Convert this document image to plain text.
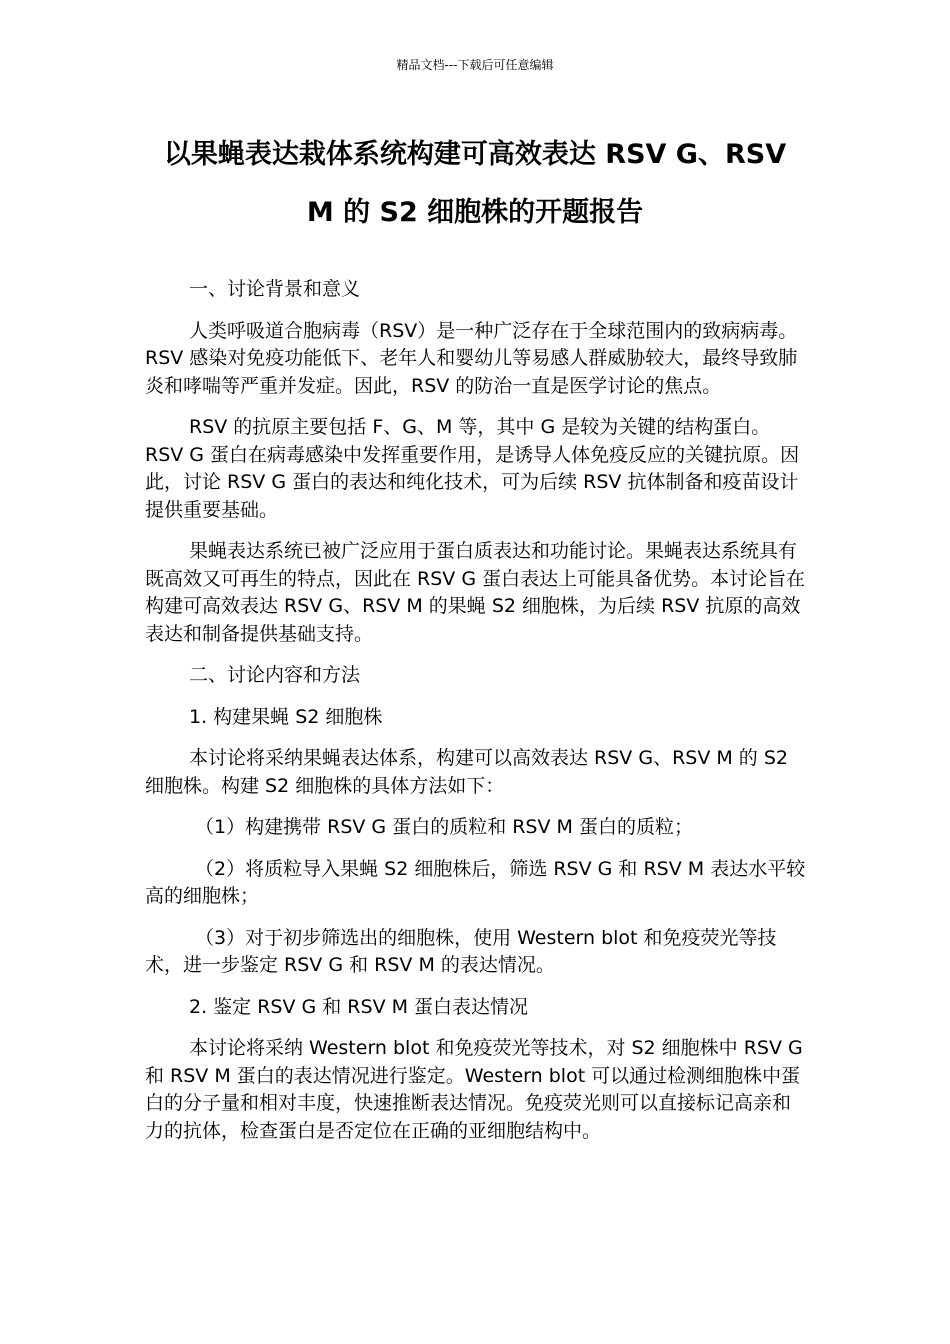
精品文档---下载后可任意编辑
以果蝇表达栽体系统构建可高效表达 RSV G、RSV
M 的 S2 细胞株的开题报告

一、讨论背景和意义

人类呼吸道合胞病毒（RSV）是一种广泛存在于全球范围内的致病病毒。RSV 感染对免疫功能低下、老年人和婴幼儿等易感人群威胁较大，最终导致肺炎和哮喘等严重并发症。因此，RSV 的防治一直是医学讨论的焦点。

RSV 的抗原主要包括 F、G、M 等，其中 G 是较为关键的结构蛋白。RSV G 蛋白在病毒感染中发挥重要作用，是诱导人体免疫反应的关键抗原。因此，讨论 RSV G 蛋白的表达和纯化技术，可为后续 RSV 抗体制备和疫苗设计提供重要基础。

果蝇表达系统已被广泛应用于蛋白质表达和功能讨论。果蝇表达系统具有既高效又可再生的特点，因此在 RSV G 蛋白表达上可能具备优势。本讨论旨在构建可高效表达 RSV G、RSV M 的果蝇 S2 细胞株，为后续 RSV 抗原的高效表达和制备提供基础支持。

二、讨论内容和方法

1. 构建果蝇 S2 细胞株

本讨论将采纳果蝇表达体系，构建可以高效表达 RSV G、RSV M 的 S2 细胞株。构建 S2 细胞株的具体方法如下：

（1）构建携带 RSV G 蛋白的质粒和 RSV M 蛋白的质粒；

（2）将质粒导入果蝇 S2 细胞株后，筛选 RSV G 和 RSV M 表达水平较高的细胞株；

（3）对于初步筛选出的细胞株，使用 Western blot 和免疫荧光等技术，进一步鉴定 RSV G 和 RSV M 的表达情况。

2. 鉴定 RSV G 和 RSV M 蛋白表达情况

本讨论将采纳 Western blot 和免疫荧光等技术，对 S2 细胞株中 RSV G 和 RSV M 蛋白的表达情况进行鉴定。Western blot 可以通过检测细胞株中蛋白的分子量和相对丰度，快速推断表达情况。免疫荧光则可以直接标记高亲和力的抗体，检查蛋白是否定位在正确的亚细胞结构中。
